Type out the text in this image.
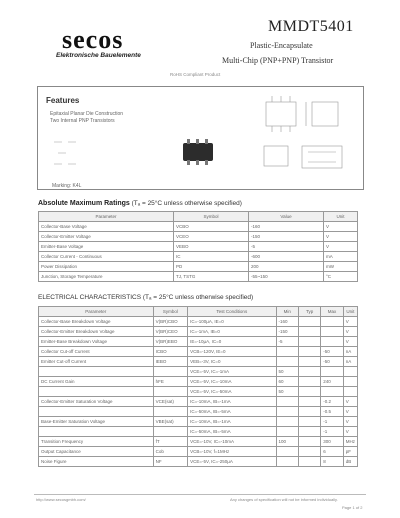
secos
Elektronische Bauelemente
MMDT5401
Plastic-Encapsulate
Multi-Chip (PNP+PNP) Transistor
RoHS Compliant Product
Features
Epitaxial Planar Die Construction
Two Internal PNP Transistors
Marking: K4L
Absolute Maximum Ratings (Tₐ = 25°C unless otherwise specified)
Parameter	Symbol	Value	Unit
Collector-Base Voltage	VCBO	-160	V
Collector-Emitter Voltage	VCEO	-150	V
Emitter-Base Voltage	VEBO	-5	V
Collector Current - Continuous	IC	-600	mA
Power Dissipation	PD	200	mW
Junction, Storage Temperature	TJ, TSTG	-55~150	°C
ELECTRICAL CHARACTERISTICS (Tₐ = 25°C unless otherwise specified)
Parameter	Symbol	Test Conditions	Min	Typ	Max	Unit
Collector-Base Breakdown Voltage	V(BR)CBO	IC=-100µA, IE=0	-160			V
Collector-Emitter Breakdown Voltage	V(BR)CEO	IC=-1mA, IB=0	-150			V
Emitter-Base Breakdown Voltage	V(BR)EBO	IE=-10µA, IC=0	-5			V
Collector Cut-off Current	ICBO	VCB=-120V, IE=0			-50	nA
Emitter Cut-off Current	IEBO	VEB=-3V, IC=0			-50	nA
		VCE=-5V, IC=-1mA	50			
DC Current Gain	hFE	VCE=-5V, IC=-10mA	60		240	
		VCE=-5V, IC=-50mA	50			
Collector-Emitter Saturation Voltage	VCE(sat)	IC=-10mA, IB=-1mA			-0.2	V
		IC=-50mA, IB=-5mA			-0.5	V
Base-Emitter Saturation Voltage	VBE(sat)	IC=-10mA, IB=-1mA			-1	V
		IC=-50mA, IB=-5mA			-1	V
Transition Frequency	fT	VCE=-10V, IC=-10mA	100		300	MHz
Output Capacitance	Cob	VCB=-10V, f=1MHz			6	pF
Noise Figure	NF	VCE=-5V, IC=-250µA			8	dB
http://www.secosgmbh.com/	Any changes of specification will not be informed individually.
Page 1 of 2
